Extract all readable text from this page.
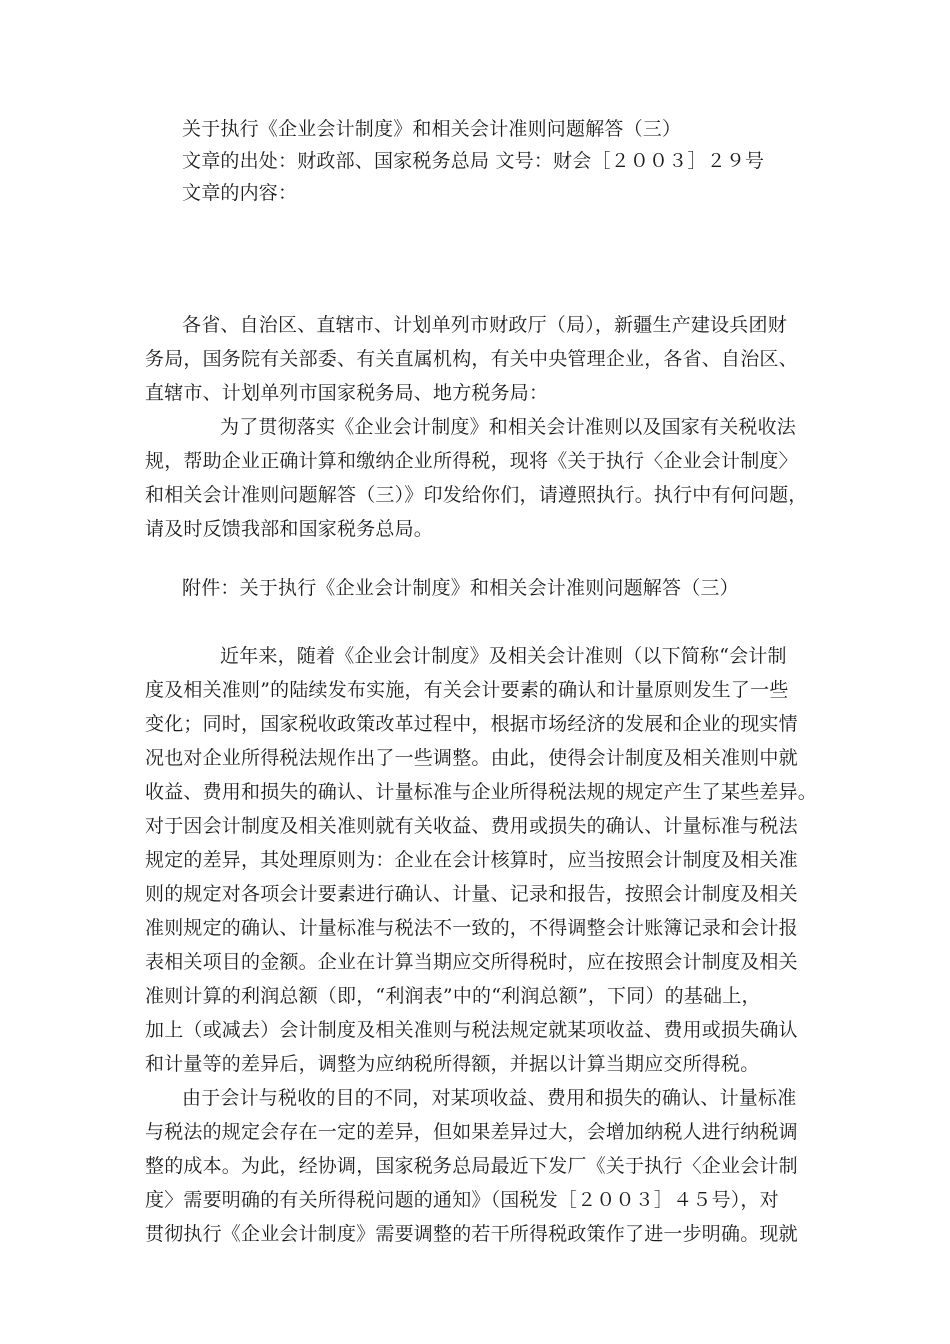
关于执行《企业会计制度》和相关会计准则问题解答（三）
文章的出处：财政部、国家税务总局 文号：财会［２００３］２９号
文章的内容：
各省、自治区、直辖市、计划单列市财政厅（局），新疆生产建设兵团财
务局，国务院有关部委、有关直属机构，有关中央管理企业，各省、自治区、
直辖市、计划单列市国家税务局、地方税务局：
为了贯彻落实《企业会计制度》和相关会计准则以及国家有关税收法
规，帮助企业正确计算和缴纳企业所得税，现将《关于执行〈企业会计制度〉
和相关会计准则问题解答（三）》印发给你们，请遵照执行。执行中有何问题，
请及时反馈我部和国家税务总局。
附件：关于执行《企业会计制度》和相关会计准则问题解答（三）
近年来，随着《企业会计制度》及相关会计准则（以下简称“会计制
度及相关准则”的陆续发布实施，有关会计要素的确认和计量原则发生了一些
变化；同时，国家税收政策改革过程中，根据市场经济的发展和企业的现实情
况也对企业所得税法规作出了一些调整。由此，使得会计制度及相关准则中就
收益、费用和损失的确认、计量标准与企业所得税法规的规定产生了某些差异。
对于因会计制度及相关准则就有关收益、费用或损失的确认、计量标准与税法
规定的差异，其处理原则为：企业在会计核算时，应当按照会计制度及相关准
则的规定对各项会计要素进行确认、计量、记录和报告，按照会计制度及相关
准则规定的确认、计量标准与税法不一致的，不得调整会计账簿记录和会计报
表相关项目的金额。企业在计算当期应交所得税时，应在按照会计制度及相关
准则计算的利润总额（即，“利润表”中的“利润总额”，下同）的基础上，
加上（或减去）会计制度及相关准则与税法规定就某项收益、费用或损失确认
和计量等的差异后，调整为应纳税所得额，并据以计算当期应交所得税。
由于会计与税收的目的不同，对某项收益、费用和损失的确认、计量标准
与税法的规定会存在一定的差异，但如果差异过大，会增加纳税人进行纳税调
整的成本。为此，经协调，国家税务总局最近下发厂《关于执行〈企业会计制
度〉需要明确的有关所得税问题的通知》（国税发［２００３］４５号），对
贯彻执行《企业会计制度》需要调整的若干所得税政策作了进一步明确。现就
